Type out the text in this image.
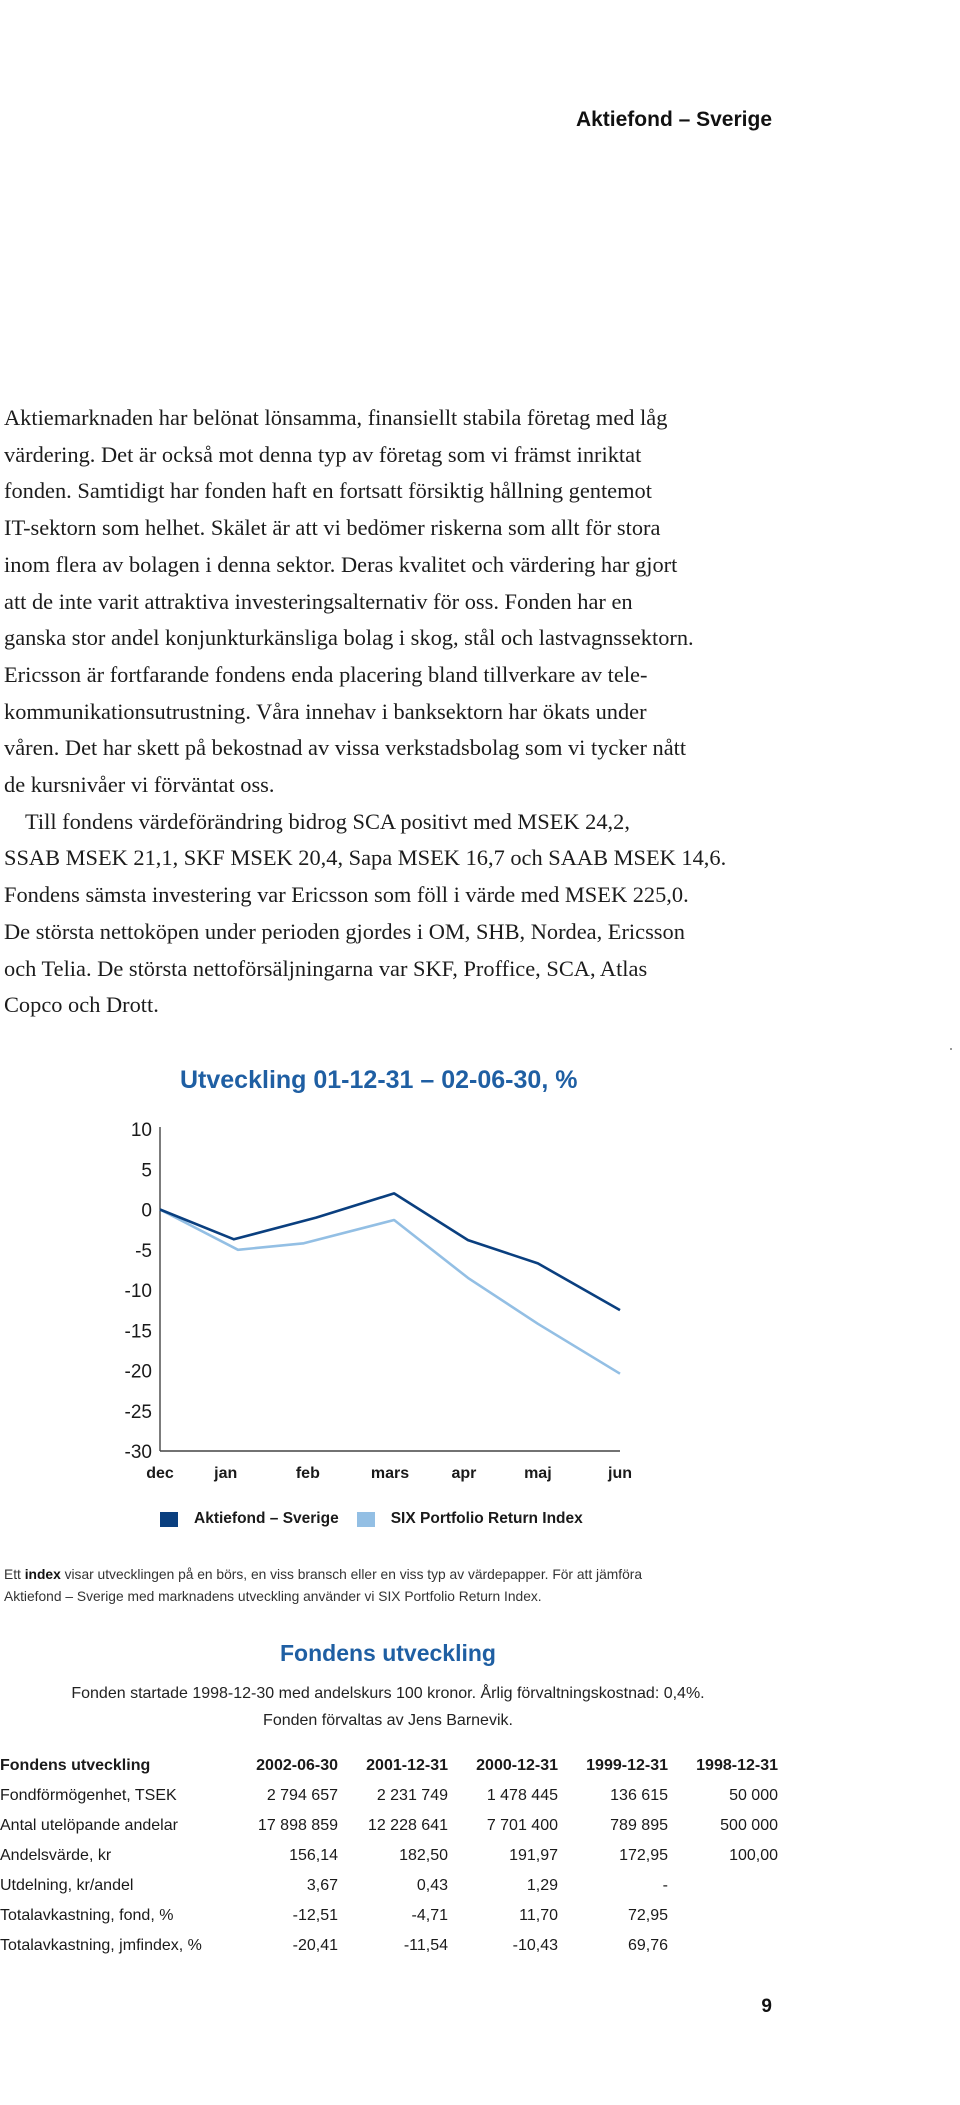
Aktiefond – Sverige
Aktiemarknaden har belönat lönsamma, finansiellt stabila företag med låg
värdering. Det är också mot denna typ av företag som vi främst inriktat
fonden. Samtidigt har fonden haft en fortsatt försiktig hållning gentemot
IT-sektorn som helhet. Skälet är att vi bedömer riskerna som allt för stora
inom flera av bolagen i denna sektor. Deras kvalitet och värdering har gjort
att de inte varit attraktiva investeringsalternativ för oss. Fonden har en
ganska stor andel konjunkturkänsliga bolag i skog, stål och lastvagnssektorn.
Ericsson är fortfarande fondens enda placering bland tillverkare av tele-
kommunikationsutrustning. Våra innehav i banksektorn har ökats under
våren. Det har skett på bekostnad av vissa verkstadsbolag som vi tycker nått
de kursnivåer vi förväntat oss.
Till fondens värdeförändring bidrog SCA positivt med MSEK 24,2,
SSAB MSEK 21,1, SKF MSEK 20,4, Sapa MSEK 16,7 och SAAB MSEK 14,6.
Fondens sämsta investering var Ericsson som föll i värde med MSEK 225,0.
De största nettoköpen under perioden gjordes i OM, SHB, Nordea, Ericsson
och Telia. De största nettoförsäljningarna var SKF, Proffice, SCA, Atlas
Copco och Drott.
Utveckling 01-12-31 – 02-06-30, %
10
5
0
-5
-10
-15
-20
-25
-30
dec	jan	feb	mars	apr	maj	jun
Aktiefond – Sverige	SIX Portfolio Return Index
Ett index visar utvecklingen på en börs, en viss bransch eller en viss typ av värdepapper. För att jämföra
Aktiefond – Sverige med marknadens utveckling använder vi SIX Portfolio Return Index.
Fondens utveckling
Fonden startade 1998-12-30 med andelskurs 100 kronor. Årlig förvaltningskostnad: 0,4%.
Fonden förvaltas av Jens Barnevik.
Fondens utveckling	2002-06-30	2001-12-31	2000-12-31	1999-12-31	1998-12-31
Fondförmögenhet, TSEK	2 794 657	2 231 749	1 478 445	136 615	50 000
Antal utelöpande andelar	17 898 859	12 228 641	7 701 400	789 895	500 000
Andelsvärde, kr	156,14	182,50	191,97	172,95	100,00
Utdelning, kr/andel	3,67	0,43	1,29	-	
Totalavkastning, fond, %	-12,51	-4,71	11,70	72,95	
Totalavkastning, jmfindex, %	-20,41	-11,54	-10,43	69,76	
9
